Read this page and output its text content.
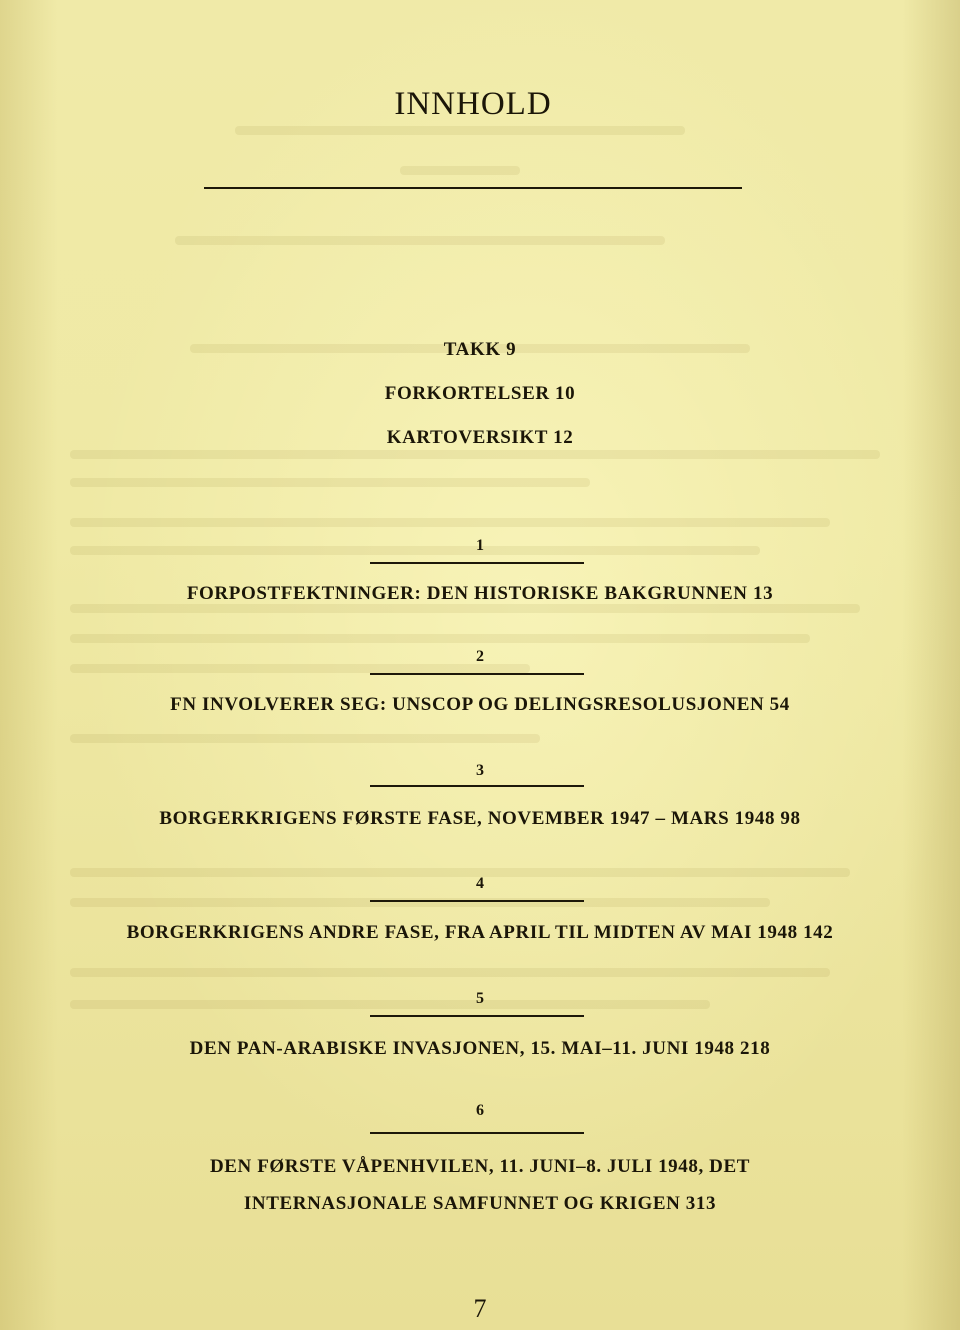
INNHOLD
TAKK 9
FORKORTELSER 10
KARTOVERSIKT 12
1
FORPOSTFEKTNINGER: DEN HISTORISKE BAKGRUNNEN 13
2
FN INVOLVERER SEG: UNSCOP OG DELINGSRESOLUSJONEN 54
3
BORGERKRIGENS FØRSTE FASE, NOVEMBER 1947 – MARS 1948 98
4
BORGERKRIGENS ANDRE FASE, FRA APRIL TIL MIDTEN AV MAI 1948 142
5
DEN PAN-ARABISKE INVASJONEN, 15. MAI–11. JUNI 1948 218
6
DEN FØRSTE VÅPENHVILEN, 11. JUNI–8. JULI 1948, DET
INTERNASJONALE SAMFUNNET OG KRIGEN 313
7
